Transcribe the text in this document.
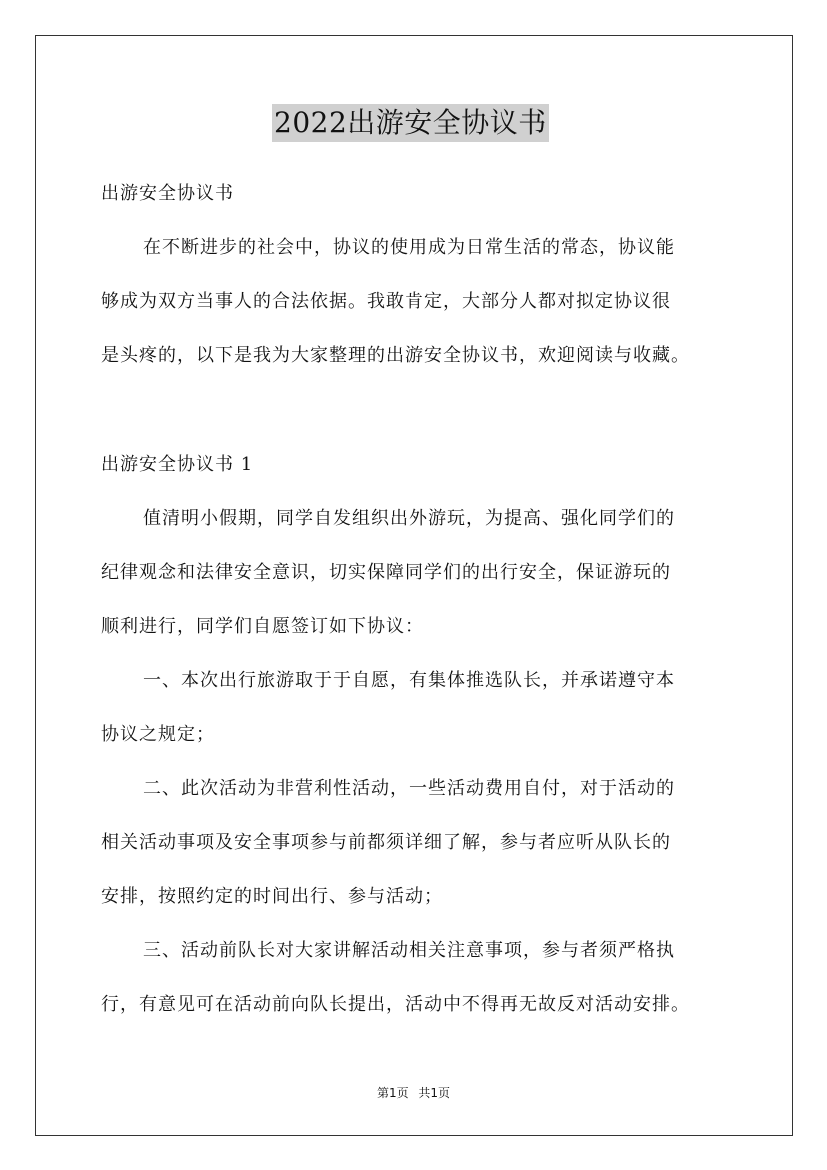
2022出游安全协议书
出游安全协议书
在不断进步的社会中，协议的使用成为日常生活的常态，协议能
够成为双方当事人的合法依据。我敢肯定，大部分人都对拟定协议很
是头疼的，以下是我为大家整理的出游安全协议书，欢迎阅读与收藏。
出游安全协议书 1
值清明小假期，同学自发组织出外游玩，为提高、强化同学们的
纪律观念和法律安全意识，切实保障同学们的出行安全，保证游玩的
顺利进行，同学们自愿签订如下协议：
一、本次出行旅游取于于自愿，有集体推选队长，并承诺遵守本
协议之规定；
二、此次活动为非营利性活动，一些活动费用自付，对于活动的
相关活动事项及安全事项参与前都须详细了解，参与者应听从队长的
安排，按照约定的时间出行、参与活动；
三、活动前队长对大家讲解活动相关注意事项，参与者须严格执
行，有意见可在活动前向队长提出，活动中不得再无故反对活动安排。
第1页 共1页
